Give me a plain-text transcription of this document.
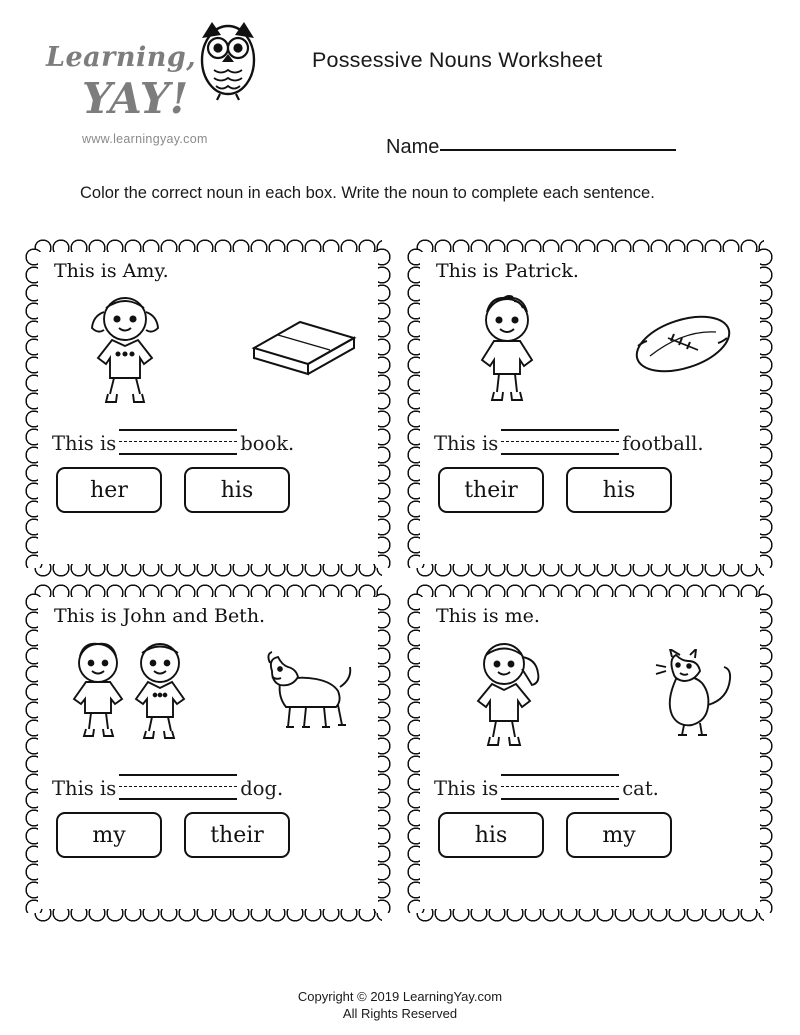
Learning,
YAY!
www.learningyay.com
Possessive Nouns Worksheet
Name
Color the correct noun in each box. Write the noun to complete each sentence.
This is Amy.
This is	book.
her	his
This is Patrick.
This is	football.
their	his
This is John and Beth.
This is	dog.
my	their
This is me.
This is	cat.
his	my
Copyright © 2019 LearningYay.com
All Rights Reserved
